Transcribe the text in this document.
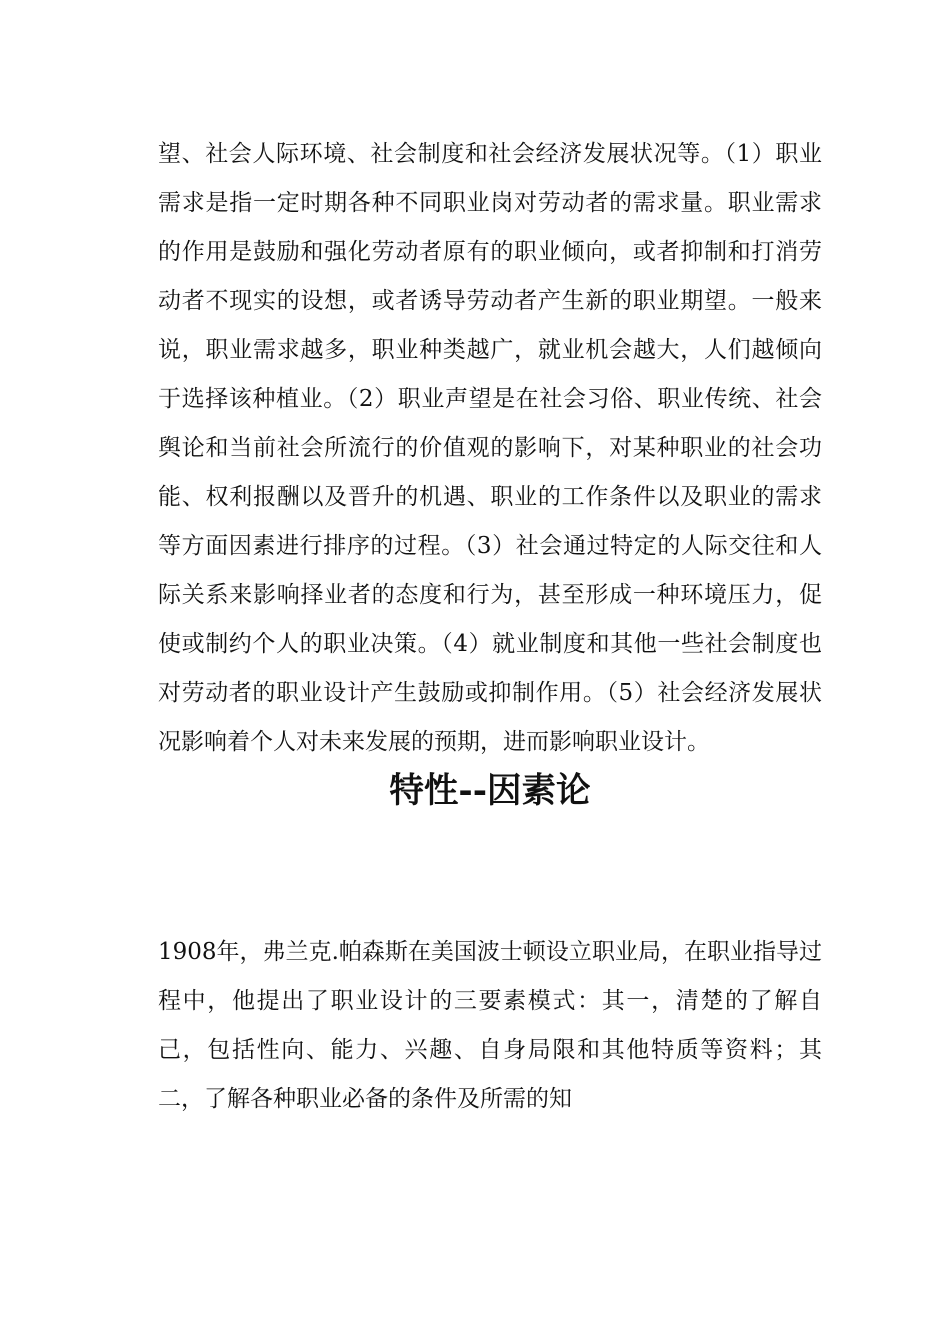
望、社会人际环境、社会制度和社会经济发展状况等。（1）职业需求是指一定时期各种不同职业岗对劳动者的需求量。职业需求的作用是鼓励和强化劳动者原有的职业倾向，或者抑制和打消劳动者不现实的设想，或者诱导劳动者产生新的职业期望。一般来说，职业需求越多，职业种类越广，就业机会越大，人们越倾向于选择该种植业。（2）职业声望是在社会习俗、职业传统、社会舆论和当前社会所流行的价值观的影响下，对某种职业的社会功能、权利报酬以及晋升的机遇、职业的工作条件以及职业的需求等方面因素进行排序的过程。（3）社会通过特定的人际交往和人际关系来影响择业者的态度和行为，甚至形成一种环境压力，促使或制约个人的职业决策。（4）就业制度和其他一些社会制度也对劳动者的职业设计产生鼓励或抑制作用。（5）社会经济发展状况影响着个人对未来发展的预期，进而影响职业设计。

特性--因素论

1908年，弗兰克.帕森斯在美国波士顿设立职业局，在职业指导过程中，他提出了职业设计的三要素模式：其一，清楚的了解自己，包括性向、能力、兴趣、自身局限和其他特质等资料；其二，了解各种职业必备的条件及所需的知
